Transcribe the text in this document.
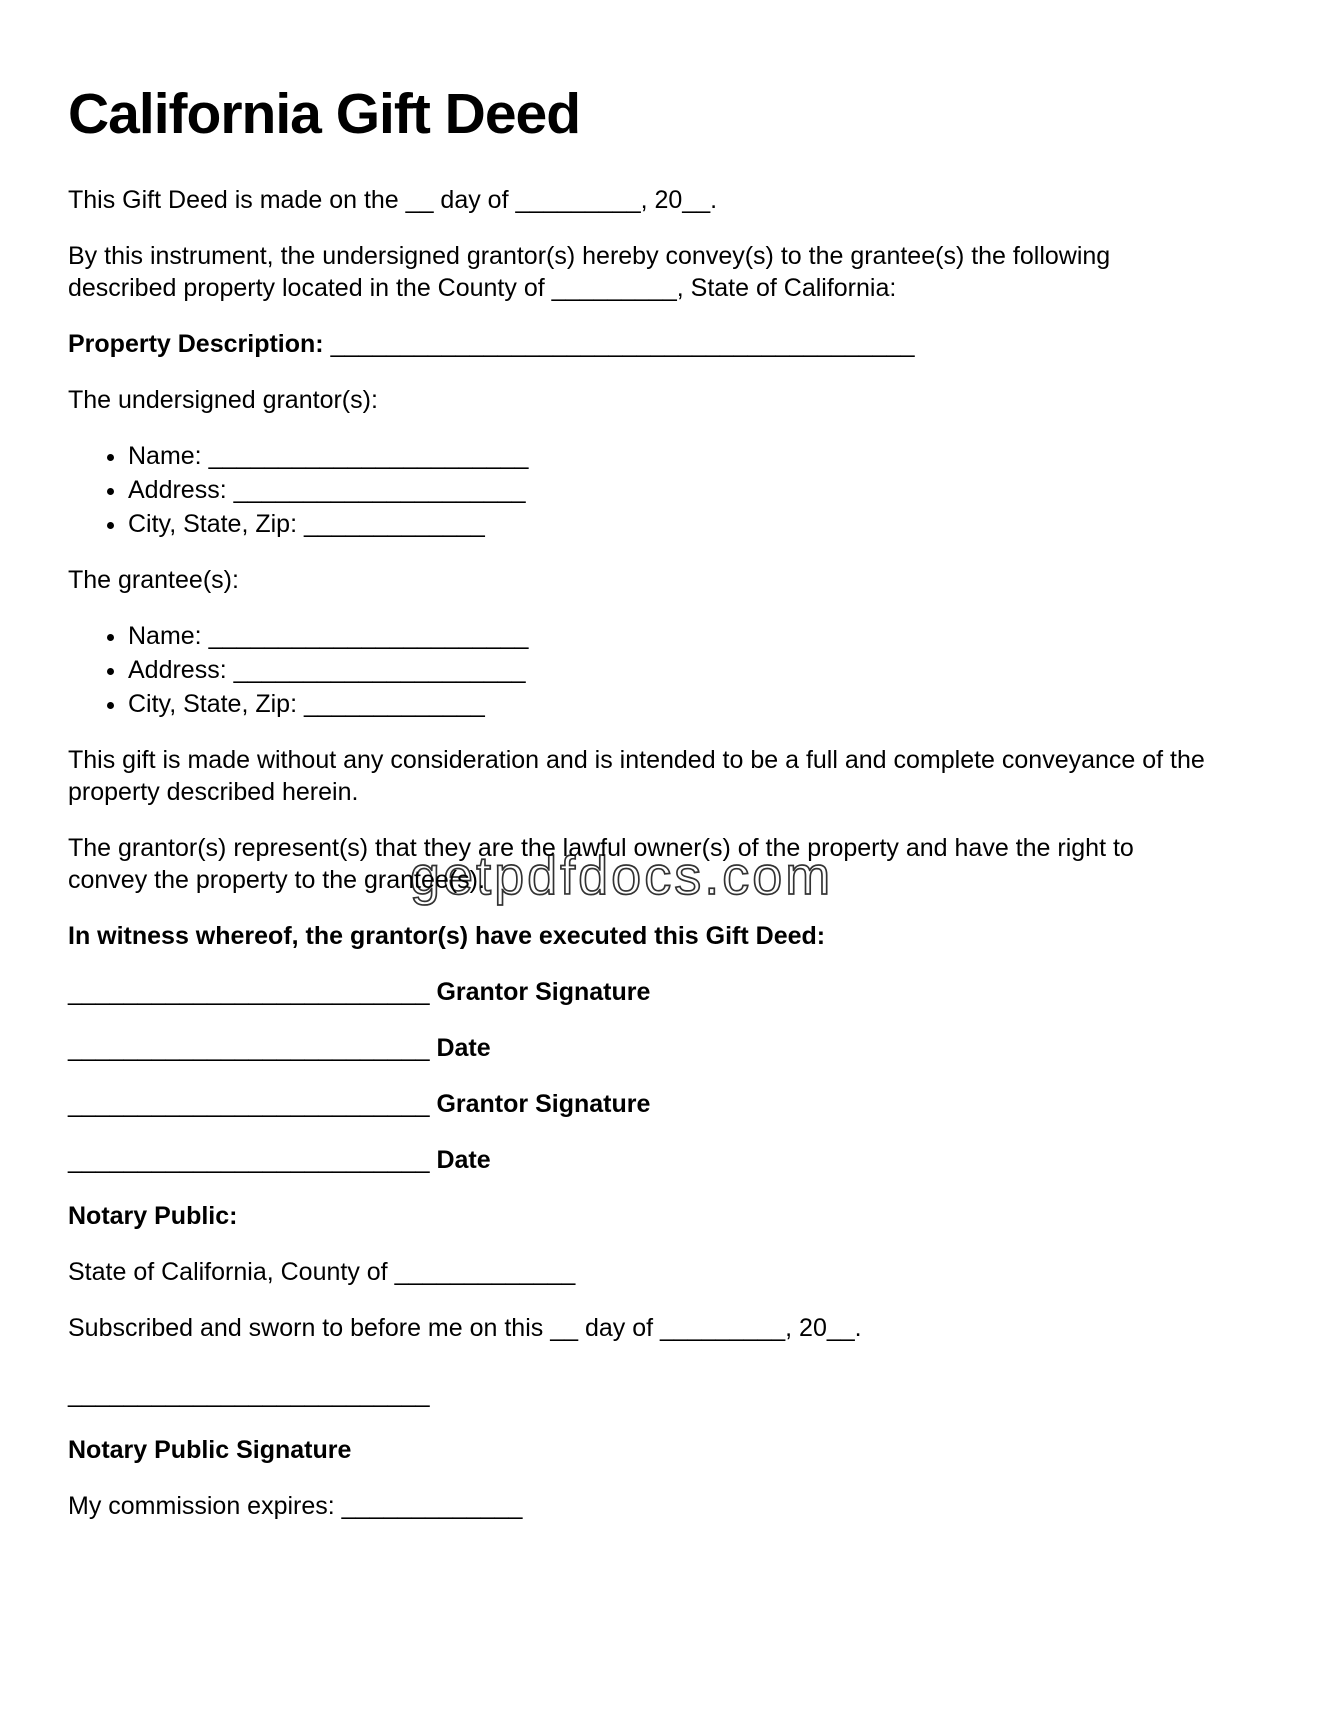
getpdfdocs.com
California Gift Deed

This Gift Deed is made on the __ day of _________, 20__.

By this instrument, the undersigned grantor(s) hereby convey(s) to the grantee(s) the following described property located in the County of _________, State of California:

Property Description: __________________________________________

The undersigned grantor(s):

• Name: _______________________
• Address: _____________________
• City, State, Zip: _____________

The grantee(s):

• Name: _______________________
• Address: _____________________
• City, State, Zip: _____________

This gift is made without any consideration and is intended to be a full and complete conveyance of the property described herein.

The grantor(s) represent(s) that they are the lawful owner(s) of the property and have the right to convey the property to the grantee(s).

In witness whereof, the grantor(s) have executed this Gift Deed:

__________________________ Grantor Signature

__________________________ Date

__________________________ Grantor Signature

__________________________ Date

Notary Public:

State of California, County of _____________

Subscribed and sworn to before me on this __ day of _________, 20__.

__________________________

Notary Public Signature

My commission expires: _____________
